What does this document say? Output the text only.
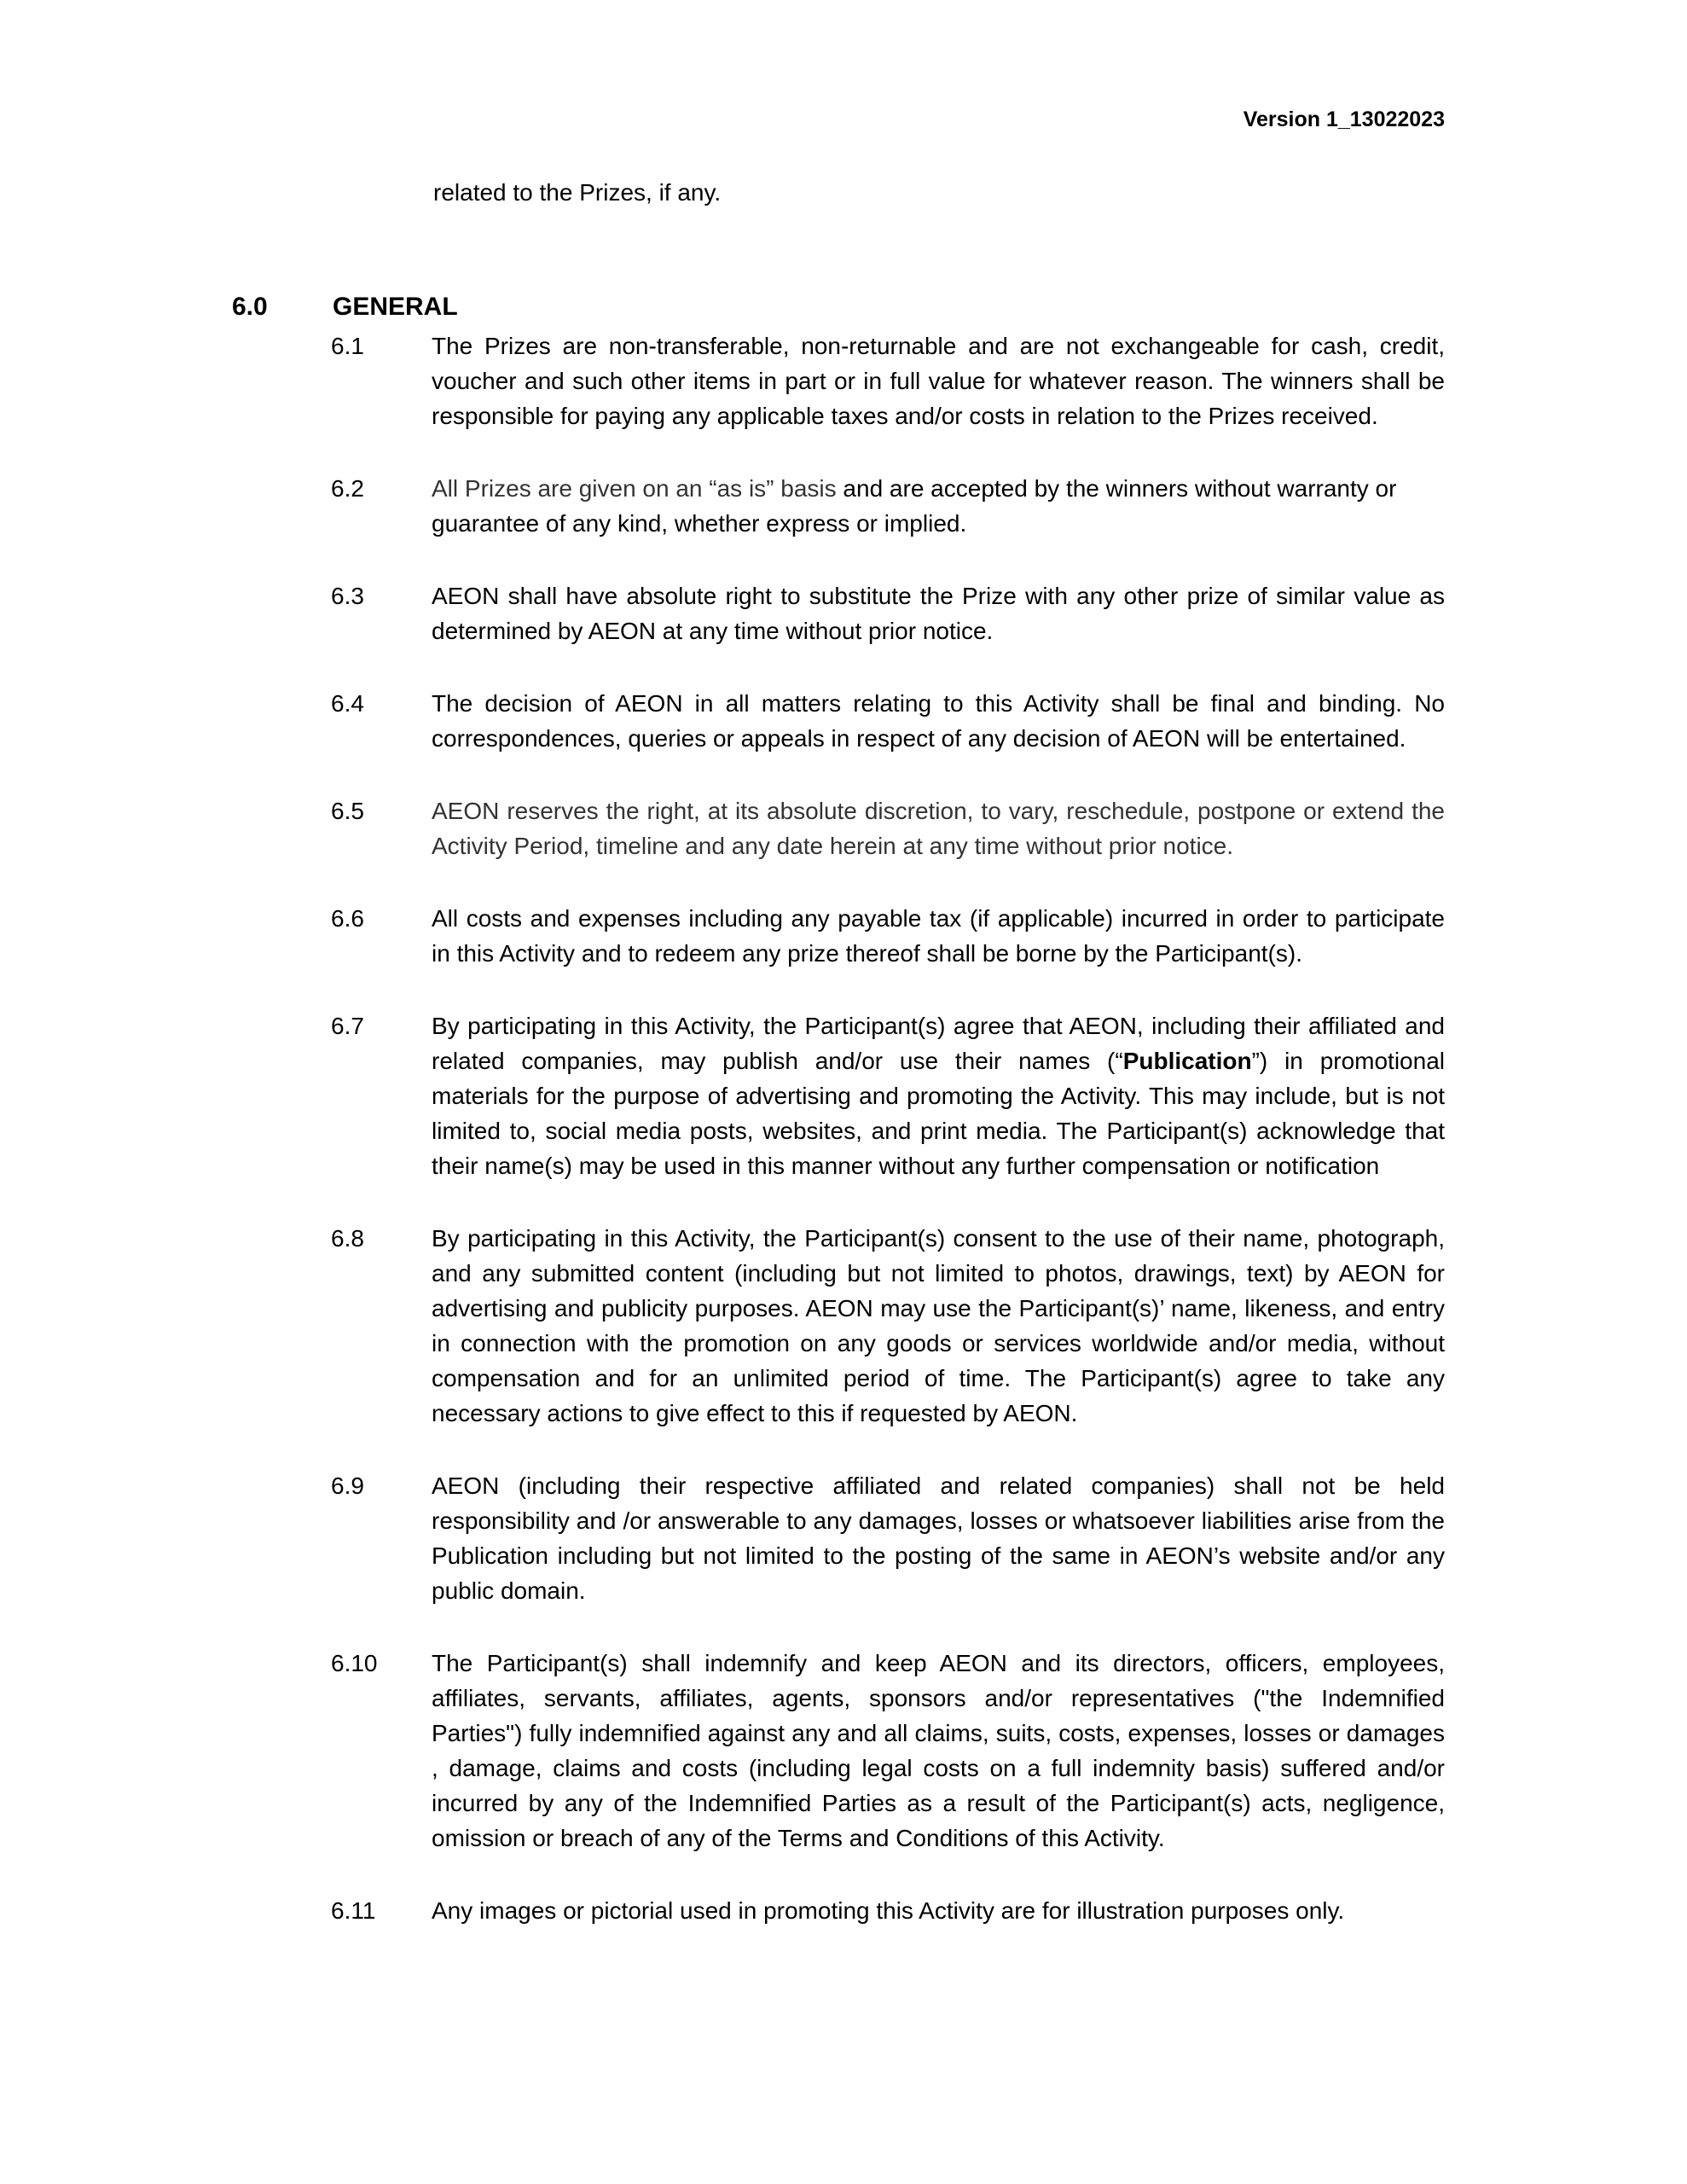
Version 1_13022023
related to the Prizes, if any.
6.0	GENERAL
6.1	The Prizes are non-transferable, non-returnable and are not exchangeable for cash, credit, voucher and such other items in part or in full value for whatever reason. The winners shall be responsible for paying any applicable taxes and/or costs in relation to the Prizes received.
6.2	All Prizes are given on an “as is” basis and are accepted by the winners without warranty or guarantee of any kind, whether express or implied.
6.3	AEON shall have absolute right to substitute the Prize with any other prize of similar value as determined by AEON at any time without prior notice.
6.4	The decision of AEON in all matters relating to this Activity shall be final and binding. No correspondences, queries or appeals in respect of any decision of AEON will be entertained.
6.5	AEON reserves the right, at its absolute discretion, to vary, reschedule, postpone or extend the Activity Period, timeline and any date herein at any time without prior notice.
6.6	All costs and expenses including any payable tax (if applicable) incurred in order to participate in this Activity and to redeem any prize thereof shall be borne by the Participant(s).
6.7	By participating in this Activity, the Participant(s) agree that AEON, including their affiliated and related companies, may publish and/or use their names (“Publication”) in promotional materials for the purpose of advertising and promoting the Activity. This may include, but is not limited to, social media posts, websites, and print media. The Participant(s) acknowledge that their name(s) may be used in this manner without any further compensation or notification
6.8	By participating in this Activity, the Participant(s) consent to the use of their name, photograph, and any submitted content (including but not limited to photos, drawings, text) by AEON for advertising and publicity purposes. AEON may use the Participant(s)’ name, likeness, and entry in connection with the promotion on any goods or services worldwide and/or media, without compensation and for an unlimited period of time. The Participant(s) agree to take any necessary actions to give effect to this if requested by AEON.
6.9	AEON (including their respective affiliated and related companies) shall not be held responsibility and /or answerable to any damages, losses or whatsoever liabilities arise from the Publication including but not limited to the posting of the same in AEON’s website and/or any public domain.
6.10	The Participant(s) shall indemnify and keep AEON and its directors, officers, employees, affiliates, servants, affiliates, agents, sponsors and/or representatives ("the Indemnified Parties") fully indemnified against any and all claims, suits, costs, expenses, losses or damages , damage, claims and costs (including legal costs on a full indemnity basis) suffered and/or incurred by any of the Indemnified Parties as a result of the Participant(s) acts, negligence, omission or breach of any of the Terms and Conditions of this Activity.
6.11	Any images or pictorial used in promoting this Activity are for illustration purposes only.
